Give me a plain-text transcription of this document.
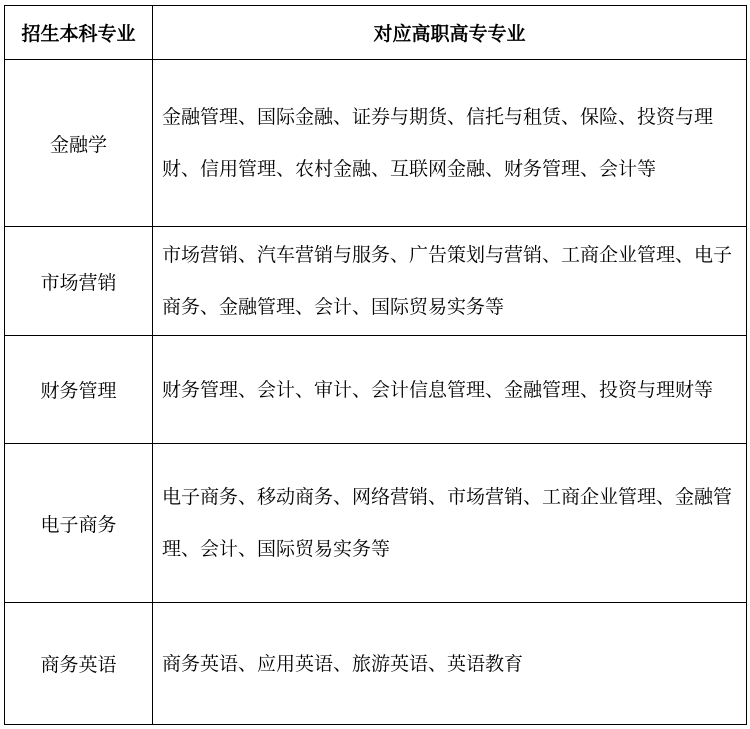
招生本科专业	对应高职高专专业
金融学	金融管理、国际金融、证券与期货、信托与租赁、保险、投资与理财、信用管理、农村金融、互联网金融、财务管理、会计等
市场营销	市场营销、汽车营销与服务、广告策划与营销、工商企业管理、电子商务、金融管理、会计、国际贸易实务等
财务管理	财务管理、会计、审计、会计信息管理、金融管理、投资与理财等
电子商务	电子商务、移动商务、网络营销、市场营销、工商企业管理、金融管理、会计、国际贸易实务等
商务英语	商务英语、应用英语、旅游英语、英语教育
